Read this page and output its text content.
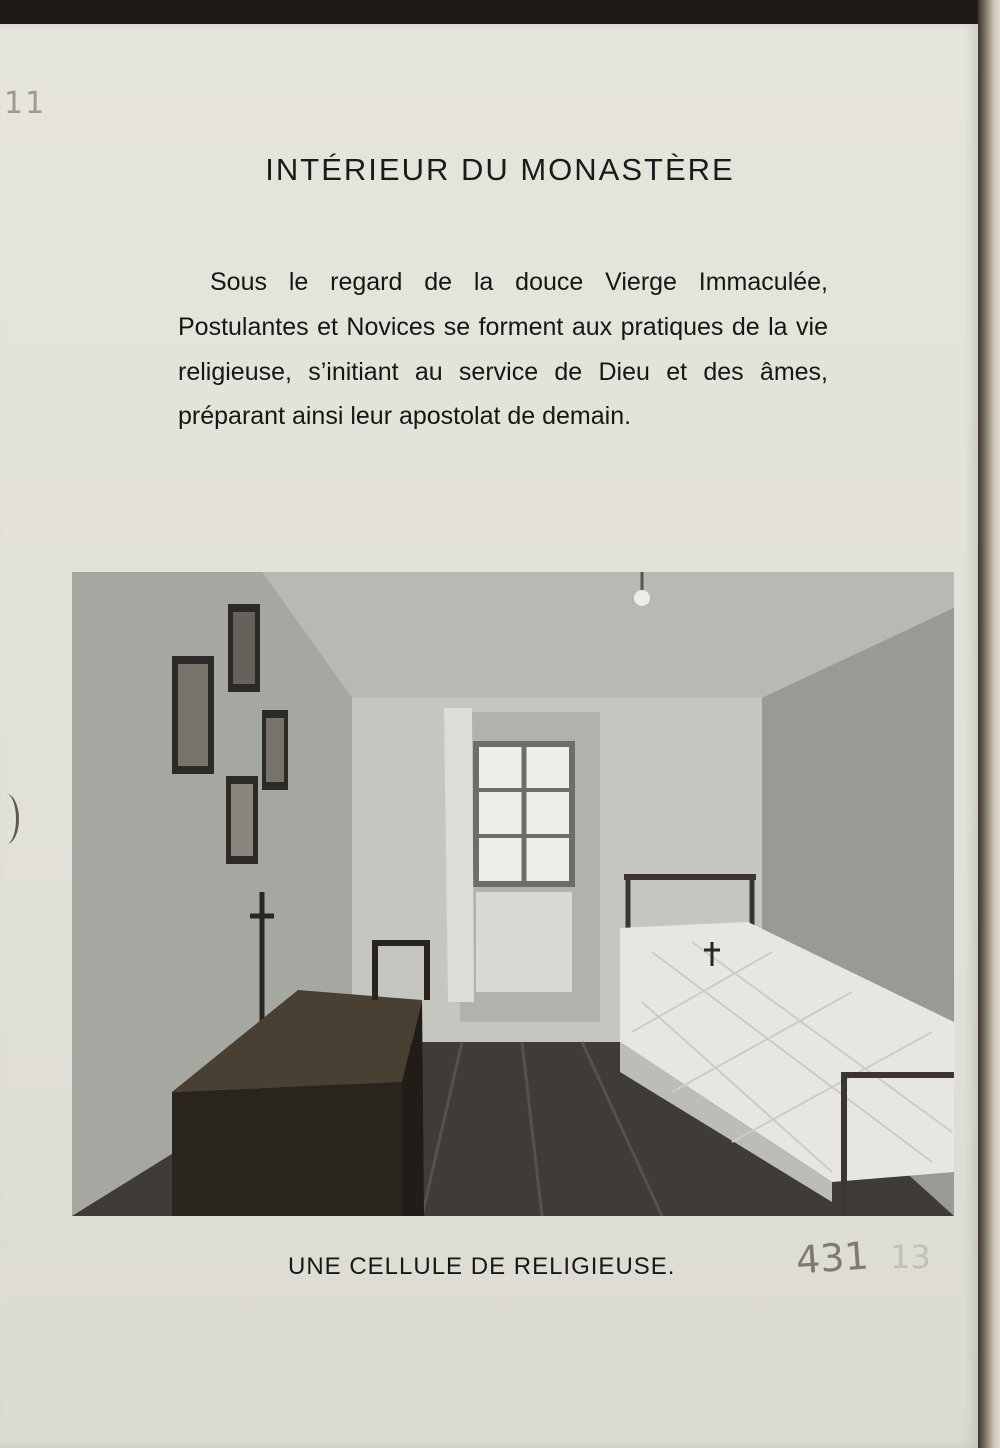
11
INTÉRIEUR DU MONASTÈRE

Sous le regard de la douce Vierge Immaculée, Postulantes et Novices se forment aux pratiques de la vie religieuse, s’initiant au service de Dieu et des âmes, préparant ainsi leur apostolat de demain.

UNE CELLULE DE RELIGIEUSE.	431 13
